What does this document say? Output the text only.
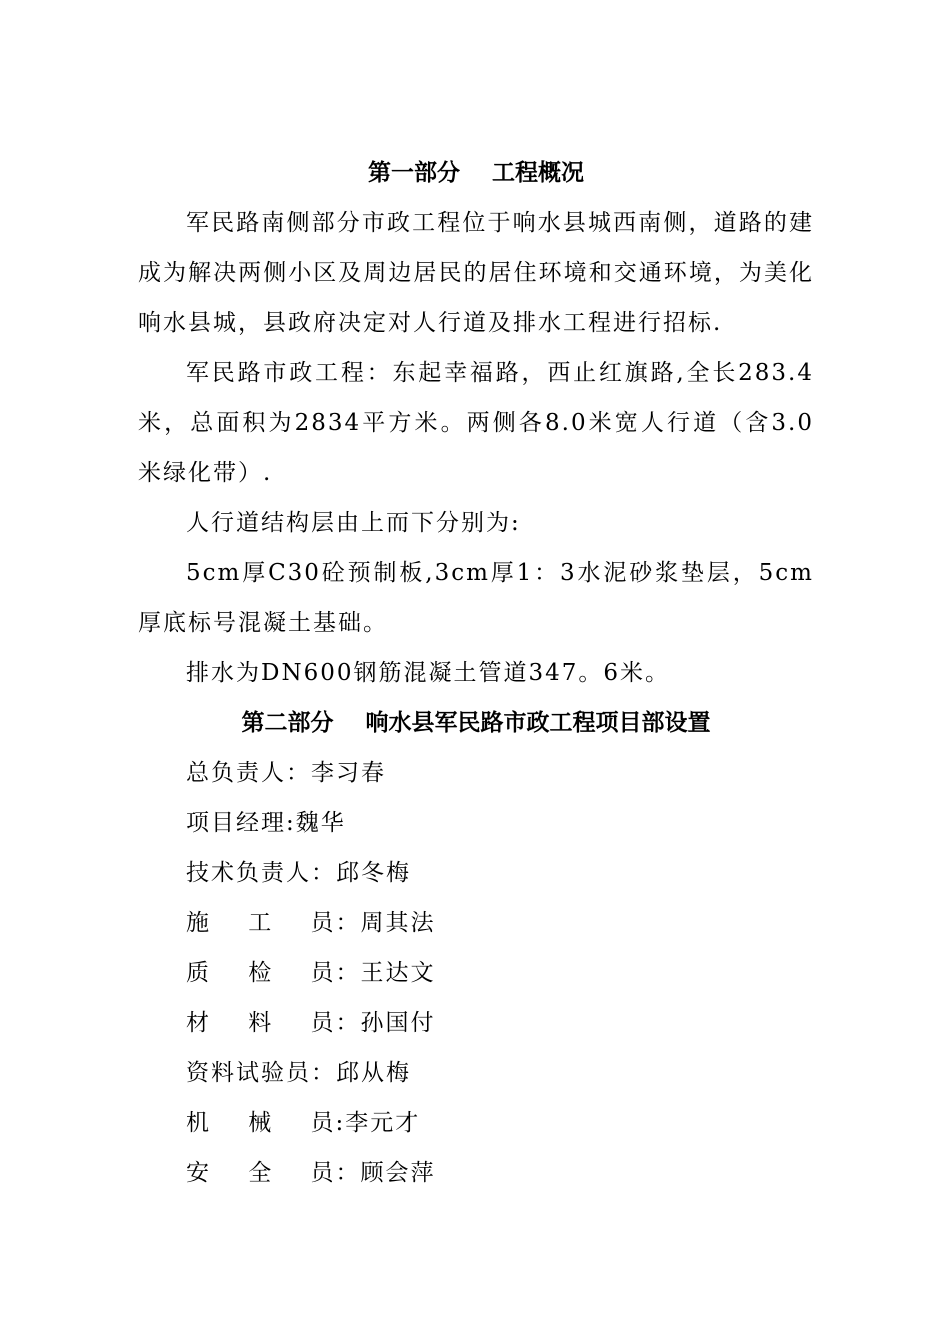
第一部分    工程概况

军民路南侧部分市政工程位于响水县城西南侧，道路的建成为解决两侧小区及周边居民的居住环境和交通环境，为美化响水县城，县政府决定对人行道及排水工程进行招标.

军民路市政工程：东起幸福路，西止红旗路,全长283.4米，总面积为2834平方米。两侧各8.0米宽人行道（含3.0米绿化带）.

人行道结构层由上而下分别为:

5cm厚C30砼预制板,3cm厚1：3水泥砂浆垫层，5cm厚底标号混凝土基础。

排水为DN600钢筋混凝土管道347。6米。

第二部分    响水县军民路市政工程项目部设置
总负责人：李习春
项目经理:魏华
技术负责人：邱冬梅
施    工    员：周其法
质    检    员：王达文
材    料    员：孙国付
资料试验员：邱从梅
机    械    员:李元才
安    全    员：顾会萍
